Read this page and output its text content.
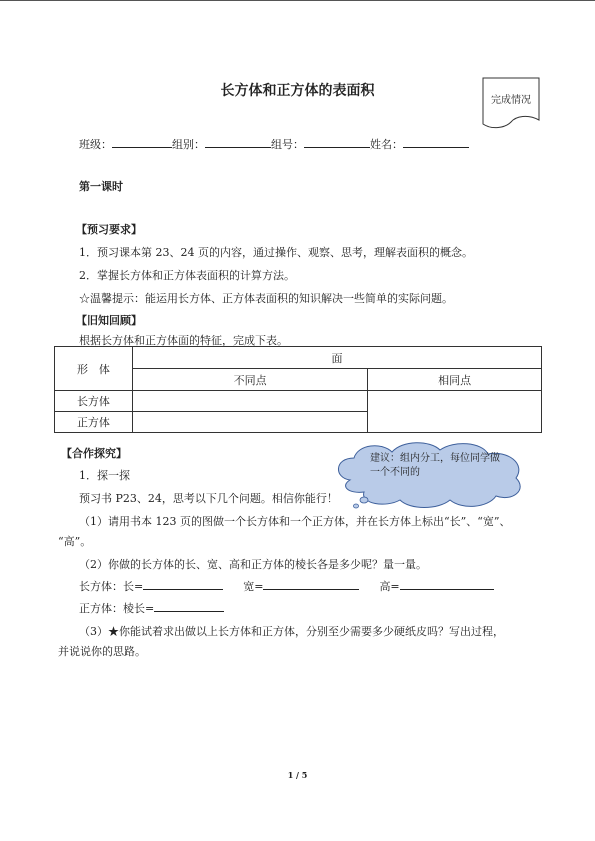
长方体和正方体的表面积
完成情况
班级：	组别：	组号：	姓名：
第一课时
【预习要求】
1．预习课本第 23、24 页的内容，通过操作、观察、思考，理解表面积的概念。
2．掌握长方体和正方体表面积的计算方法。
☆温馨提示：能运用长方体、正方体表面积的知识解决一些简单的实际问题。
【旧知回顾】
根据长方体和正方体面的特征，完成下表。
形　体	面	
	不同点	相同点
长方体		
正方体		
【合作探究】
1．探一探
预习书 P23、24，思考以下几个问题。相信你能行！
建议：组内分工，每位同学做一个不同的
（1）请用书本 123 页的图做一个长方体和一个正方体，并在长方体上标出“长”、“宽”、
“高”。
（2）你做的长方体的长、宽、高和正方体的棱长各是多少呢？量一量。
长方体：长=	宽=	高=
正方体：棱长=
（3）★你能试着求出做以上长方体和正方体，分别至少需要多少硬纸皮吗？写出过程，
并说说你的思路。
1 / 5
